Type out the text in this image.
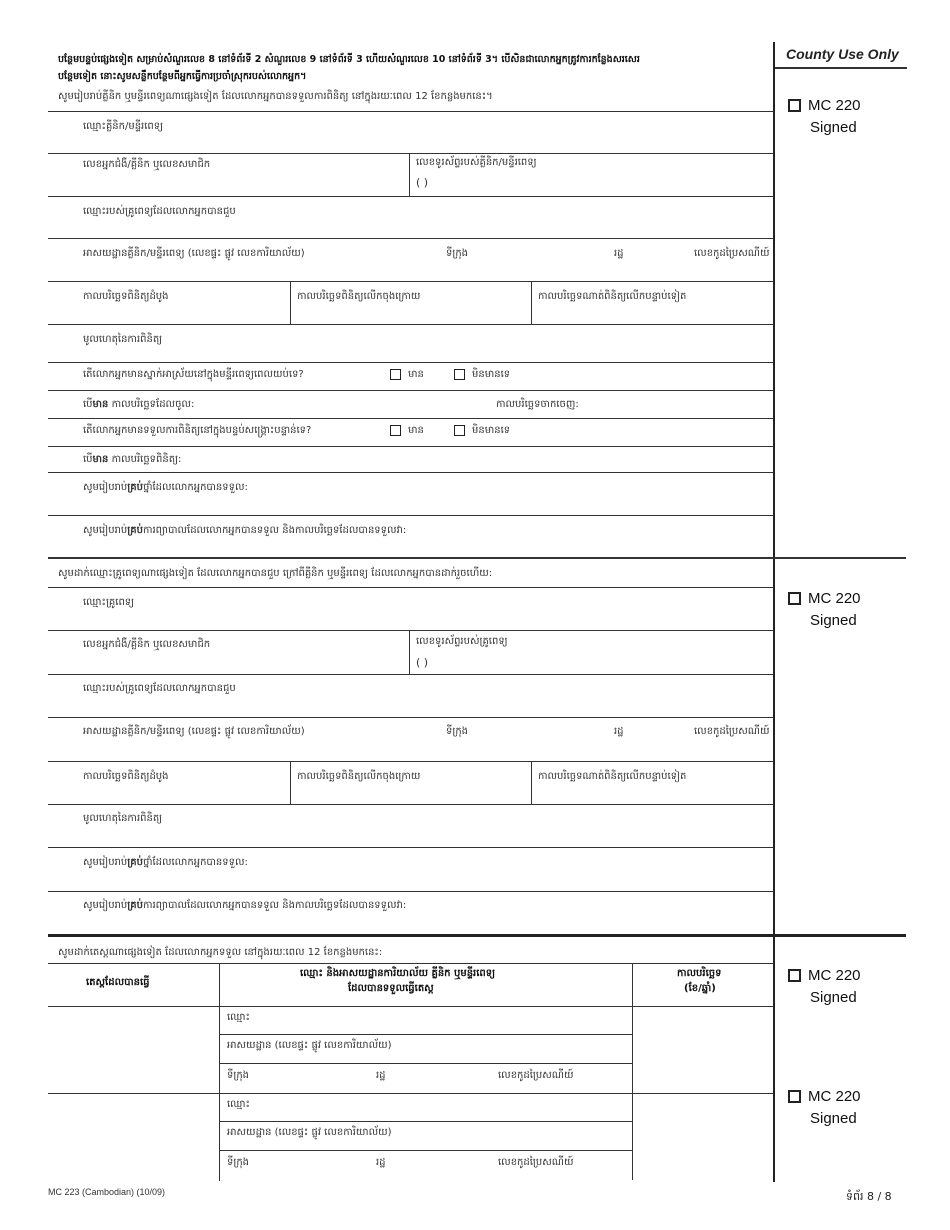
County Use Only
MC 220
Signed
MC 220
Signed
MC 220
Signed
MC 220
Signed
បន្ថែមបន្ទប់ផ្សេងទៀត សម្រាប់សំណួរលេខ 8 នៅទំព័រទី 2 សំណួរលេខ 9 នៅទំព័រទី 3 ហើយសំណួរលេខ 10 នៅទំព័រទី 3។ បើសិនជាលោកអ្នកត្រូវការកន្លែងសរសេរ
បន្ថែមទៀត នោះសូមសន្លឹកបន្ថែមពីអ្នកធ្វើការប្រចាំស្រុករបស់លោកអ្នក។
សូមរៀបរាប់គ្លីនិក ឬមន្ទីរពេទ្យណាផ្សេងទៀត ដែលលោកអ្នកបានទទួលការពិនិត្យ នៅក្នុងរយៈពេល 12 ខែកន្លងមកនេះ។
ឈ្មោះគ្លីនិក/មន្ទីរពេទ្យ
លេខអ្នកជំងឺ/គ្លីនិក ឬលេខសមាជិក	លេខទូរស័ព្ទរបស់គ្លីនិក/មន្ទីរពេទ្យ
( )
ឈ្មោះរបស់គ្រូពេទ្យដែលលោកអ្នកបានជួប
អាសយដ្ឋានគ្លីនិក/មន្ទីរពេទ្យ (លេខផ្ទះ ផ្លូវ លេខការិយាល័យ)	ទីក្រុង	រដ្ឋ	លេខកូដប្រៃសណីយ៍
កាលបរិច្ឆេទពិនិត្យដំបូង	កាលបរិច្ឆេទពិនិត្យលើកចុងក្រោយ	កាលបរិច្ឆេទណាត់ពិនិត្យលើកបន្ទាប់ទៀត
មូលហេតុនៃការពិនិត្យ
តើលោកអ្នកមានស្នាក់អាស្រ័យនៅក្នុងមន្ទីរពេទ្យពេលយប់ទេ?	មាន	មិនមានទេ
បើមាន កាលបរិច្ឆេទដែលចូល:	កាលបរិច្ឆេទចាកចេញ:
តើលោកអ្នកមានទទួលការពិនិត្យនៅក្នុងបន្ទប់សង្គ្រោះបន្ទាន់ទេ?	មាន	មិនមានទេ
បើមាន កាលបរិច្ឆេទពិនិត្យ:
សូមរៀបរាប់គ្រប់ថ្នាំដែលលោកអ្នកបានទទួល:
សូមរៀបរាប់គ្រប់ការព្យាបាលដែលលោកអ្នកបានទទួល និងកាលបរិច្ឆេទដែលបានទទួលវា:
សូមដាក់ឈ្មោះគ្រូពេទ្យណាផ្សេងទៀត ដែលលោកអ្នកបានជួប ក្រៅពីគ្លីនិក ឬមន្ទីរពេទ្យ ដែលលោកអ្នកបានដាក់រួចហើយ:
ឈ្មោះគ្រូពេទ្យ
លេខអ្នកជំងឺ/គ្លីនិក ឬលេខសមាជិក	លេខទូរស័ព្ទរបស់គ្រូពេទ្យ
( )
ឈ្មោះរបស់គ្រូពេទ្យដែលលោកអ្នកបានជួប
អាសយដ្ឋានគ្លីនិក/មន្ទីរពេទ្យ (លេខផ្ទះ ផ្លូវ លេខការិយាល័យ)	ទីក្រុង	រដ្ឋ	លេខកូដប្រៃសណីយ៍
កាលបរិច្ឆេទពិនិត្យដំបូង	កាលបរិច្ឆេទពិនិត្យលើកចុងក្រោយ	កាលបរិច្ឆេទណាត់ពិនិត្យលើកបន្ទាប់ទៀត
មូលហេតុនៃការពិនិត្យ
សូមរៀបរាប់គ្រប់ថ្នាំដែលលោកអ្នកបានទទួល:
សូមរៀបរាប់គ្រប់ការព្យាបាលដែលលោកអ្នកបានទទួល និងកាលបរិច្ឆេទដែលបានទទួលវា:
សូមដាក់តេស្តណាផ្សេងទៀត ដែលលោកអ្នកទទួល នៅក្នុងរយៈពេល 12 ខែកន្លងមកនេះ:
តេស្តដែលបានធ្វើ
ឈ្មោះ និងអាសយដ្ឋានការិយាល័យ គ្លីនិក ឬមន្ទីរពេទ្យ
ដែលបានទទួលធ្វើតេស្ត
កាលបរិច្ឆេទ
(ខែ/ឆ្នាំ)
ឈ្មោះ
អាសយដ្ឋាន (លេខផ្ទះ ផ្លូវ លេខការិយាល័យ)
ទីក្រុង	រដ្ឋ	លេខកូដប្រៃសណីយ៍
ឈ្មោះ
អាសយដ្ឋាន (លេខផ្ទះ ផ្លូវ លេខការិយាល័យ)
ទីក្រុង	រដ្ឋ	លេខកូដប្រៃសណីយ៍
MC 223 (Cambodian) (10/09)	ទំព័រ 8 / 8
